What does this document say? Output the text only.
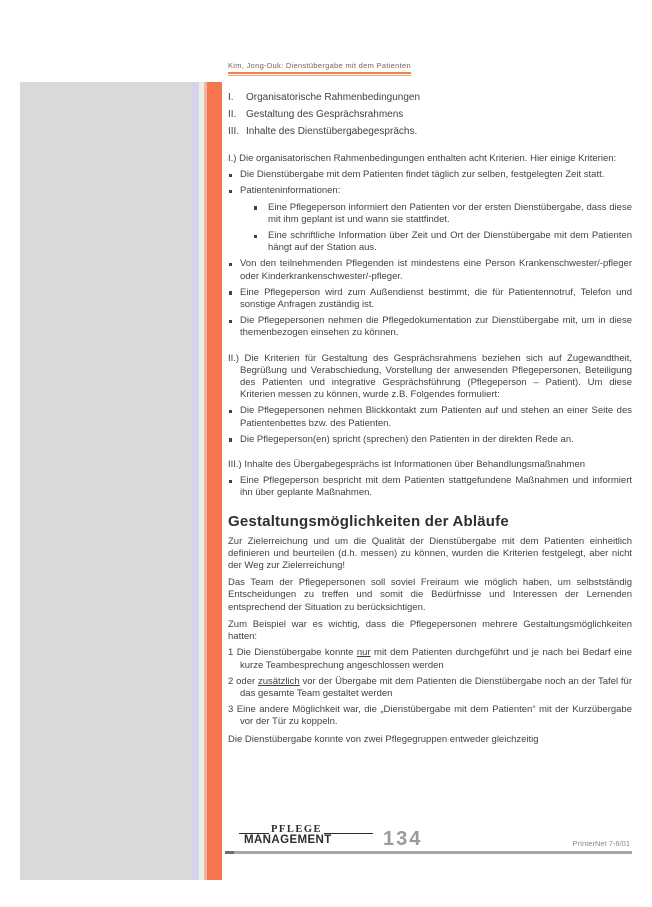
Kim, Jong-Duk: Dienstübergabe mit dem Patienten
I.	Organisatorische Rahmenbedingungen
II. Gestaltung des Gesprächsrahmens
III. Inhalte des Dienstübergabegesprächs.

I.) Die organisatorischen Rahmenbedingungen enthalten acht Kriterien. Hier einige Kriterien:

Die Dienstübergabe mit dem Patienten findet täglich zur selben, festgelegten Zeit statt.

Patienteninformationen:

Eine Pflegeperson informiert den Patienten vor der ersten Dienstübergabe, dass diese mit ihm geplant ist und wann sie stattfindet.

Eine schriftliche Information über Zeit und Ort der Dienstübergabe mit dem Patienten hängt auf der Station aus.

Von den teilnehmenden Pflegenden ist mindestens eine Person Krankenschwester/-pfleger oder Kinderkrankenschwester/-pfleger.

Eine Pflegeperson wird zum Außendienst bestimmt, die für Patientennotruf, Telefon und sonstige Anfragen zuständig ist.

Die Pflegepersonen nehmen die Pflegedokumentation zur Dienstübergabe mit, um in diese themenbezogen einsehen zu können.

II.) Die Kriterien für Gestaltung des Gesprächsrahmens beziehen sich auf Zugewandtheit, Begrüßung und Verabschiedung, Vorstellung der anwesenden Pflegepersonen, Beteiligung des Patienten und integrative Gesprächsführung (Pflegeperson – Patient). Um diese Kriterien messen zu können, wurde z.B. Folgendes formuliert:

Die Pflegepersonen nehmen Blickkontakt zum Patienten auf und stehen an einer Seite des Patientenbettes bzw. des Patienten.

Die Pflegeperson(en) spricht (sprechen) den Patienten in der direkten Rede an.

III.) Inhalte des Übergabegesprächs ist Informationen über Behandlungsmaßnahmen

Eine Pflegeperson bespricht mit dem Patienten stattgefundene Maßnahmen und informiert ihn über geplante Maßnahmen.

Gestaltungsmöglichkeiten der Abläufe

Zur Zielerreichung und um die Qualität der Dienstübergabe mit dem Patienten einheitlich definieren und beurteilen (d.h. messen) zu können, wurden die Kriterien festgelegt, aber nicht der Weg zur Zielerreichung!

Das Team der Pflegepersonen soll soviel Freiraum wie möglich haben, um selbstständig Entscheidungen zu treffen und somit die Bedürfnisse und Interessen der Lernenden entsprechend der Situation zu berücksichtigen.

Zum Beispiel war es wichtig, dass die Pflegepersonen mehrere Gestaltungsmöglichkeiten hatten:

1 Die Dienstübergabe konnte nur mit dem Patienten durchgeführt und je nach bei Bedarf eine kurze Teambesprechung angeschlossen werden

2 oder zusätzlich vor der Übergabe mit dem Patienten die Dienstübergabe noch an der Tafel für das gesamte Team gestaltet werden

3 Eine andere Möglichkeit war, die „Dienstübergabe mit dem Patienten“ mit der Kurzübergabe vor der Tür zu koppeln.

Die Dienstübergabe konnte von zwei Pflegegruppen entweder gleichzeitig

PFLEGE
MANAGEMENT	134	PrInterNet 7-8/01
